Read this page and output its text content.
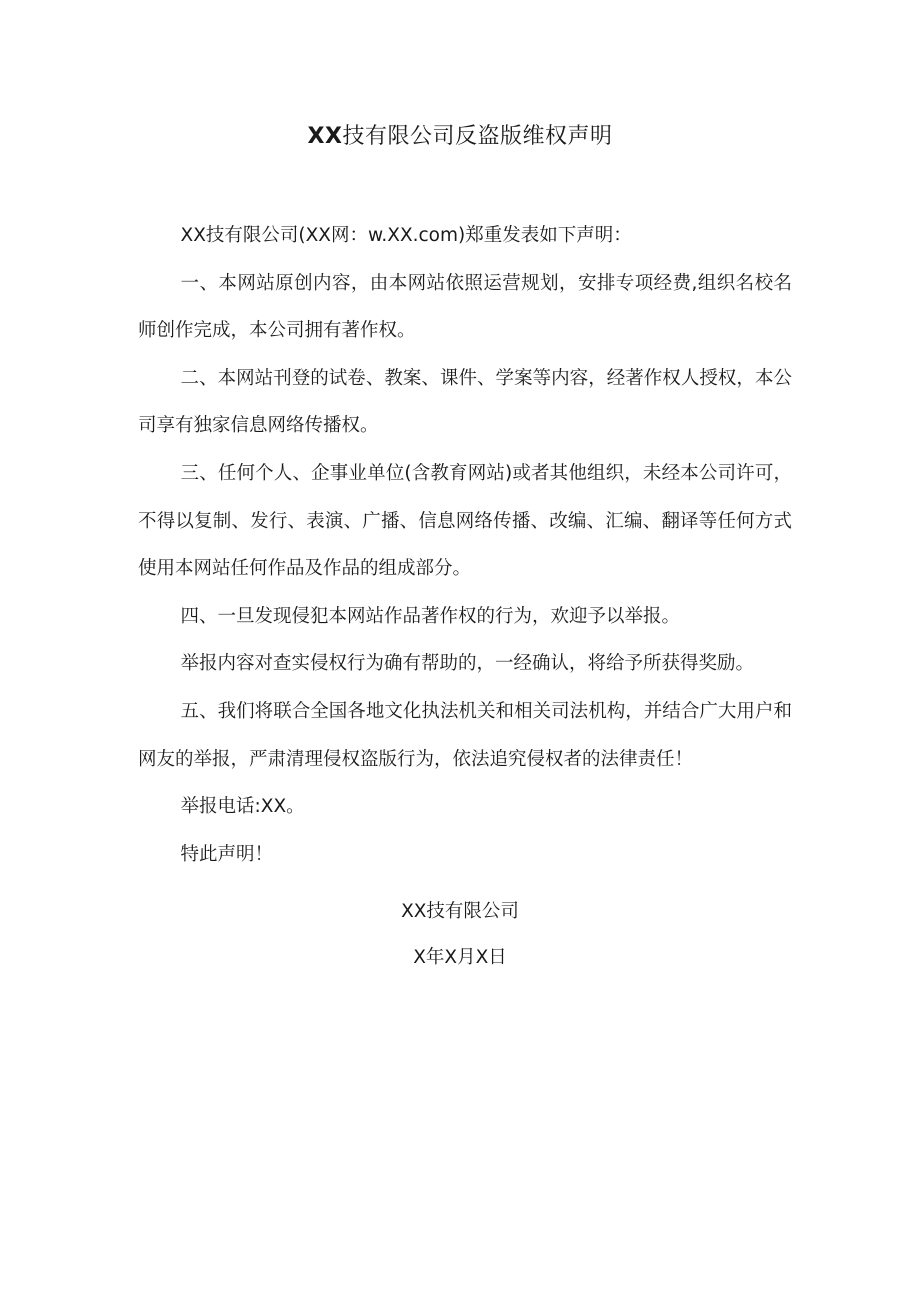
XX技有限公司反盗版维权声明

XX技有限公司(XX网：w.XX.com)郑重发表如下声明：

一、本网站原创内容，由本网站依照运营规划，安排专项经费,组织名校名师创作完成，本公司拥有著作权。

二、本网站刊登的试卷、教案、课件、学案等内容，经著作权人授权，本公司享有独家信息网络传播权。

三、任何个人、企事业单位(含教育网站)或者其他组织，未经本公司许可，不得以复制、发行、表演、广播、信息网络传播、改编、汇编、翻译等任何方式使用本网站任何作品及作品的组成部分。

四、一旦发现侵犯本网站作品著作权的行为，欢迎予以举报。

举报内容对查实侵权行为确有帮助的，一经确认，将给予所获得奖励。

五、我们将联合全国各地文化执法机关和相关司法机构，并结合广大用户和网友的举报，严肃清理侵权盗版行为，依法追究侵权者的法律责任！

举报电话:XX。

特此声明！

XX技有限公司
X年X月X日
